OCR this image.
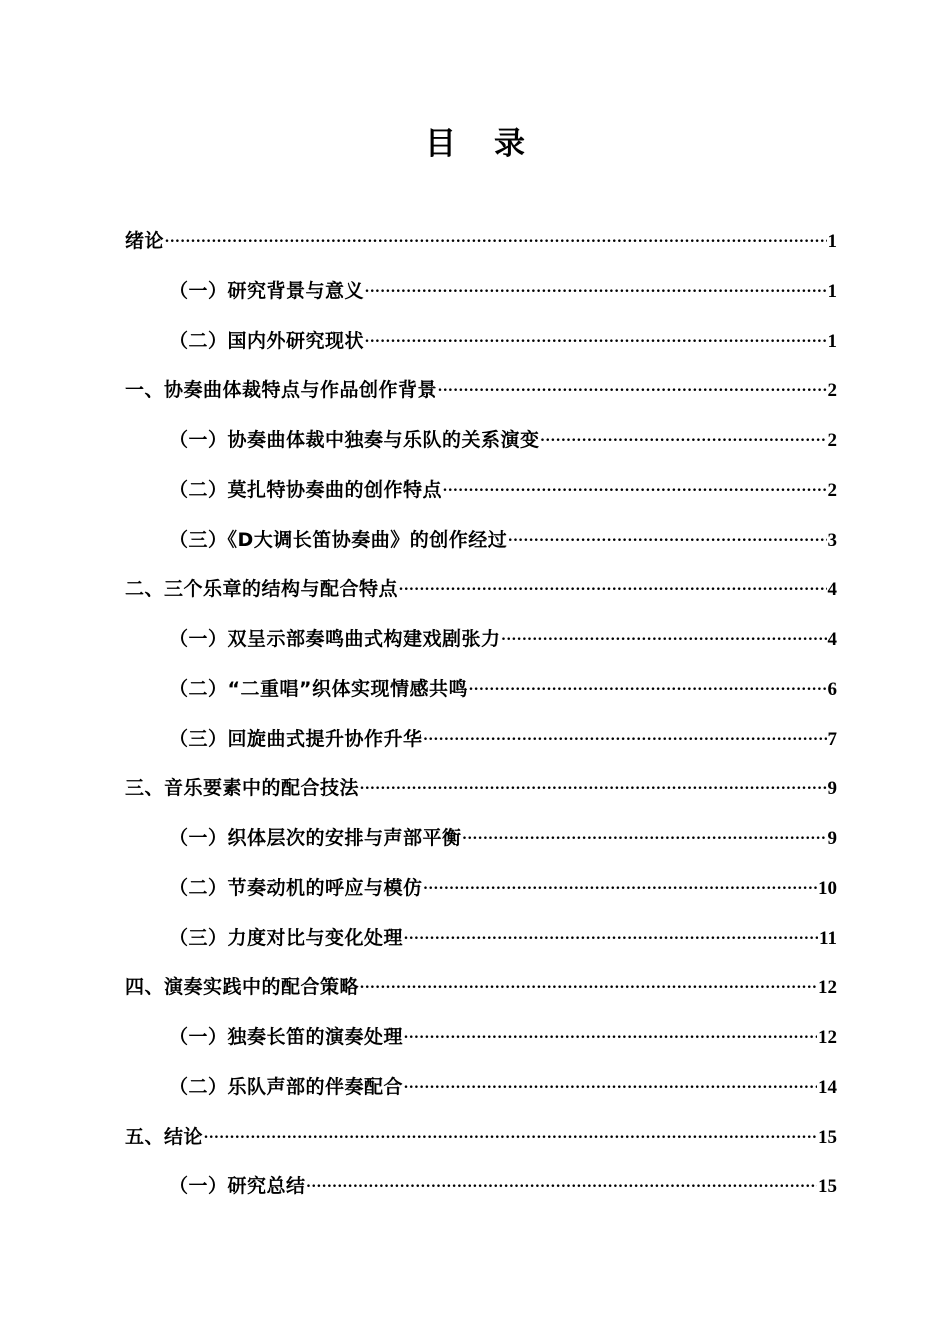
目录
绪论 .....	1
（一）研究背景与意义 .....	1
（二）国内外研究现状 .....	1
一、协奏曲体裁特点与作品创作背景 .....	2
（一）协奏曲体裁中独奏与乐队的关系演变 .....	2
（二）莫扎特协奏曲的创作特点 .....	2
（三）《D大调长笛协奏曲》的创作经过 .....	3
二、三个乐章的结构与配合特点 .....	4
（一）双呈示部奏鸣曲式构建戏剧张力 .....	4
（二）“二重唱”织体实现情感共鸣 .....	6
（三）回旋曲式提升协作升华 .....	7
三、音乐要素中的配合技法 .....	9
（一）织体层次的安排与声部平衡 .....	9
（二）节奏动机的呼应与模仿 .....	10
（三）力度对比与变化处理 .....	11
四、演奏实践中的配合策略 .....	12
（一）独奏长笛的演奏处理 .....	12
（二）乐队声部的伴奏配合 .....	14
五、结论 .....	15
（一）研究总结 .....	15
